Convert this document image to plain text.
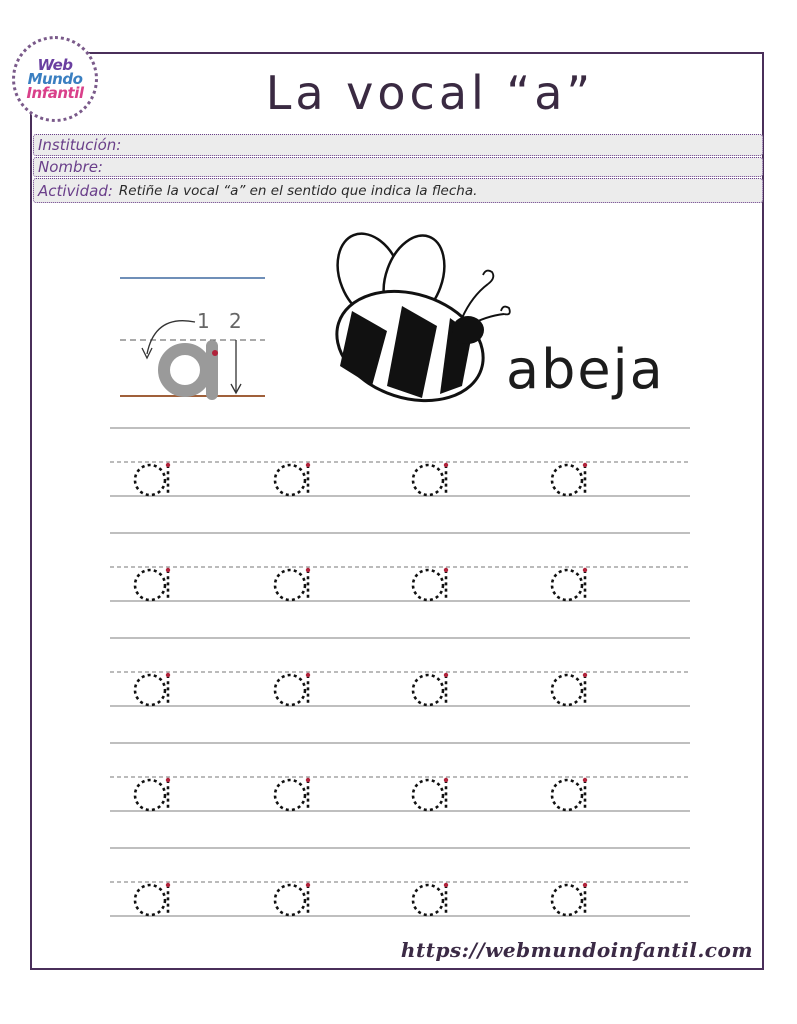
Web
Mundo
Infantil	La vocal “a”
Institución:
Nombre:
Actividad: Retiñe la vocal “a” en el sentido que indica la flecha.
1 2
abeja
https://webmundoinfantil.com
